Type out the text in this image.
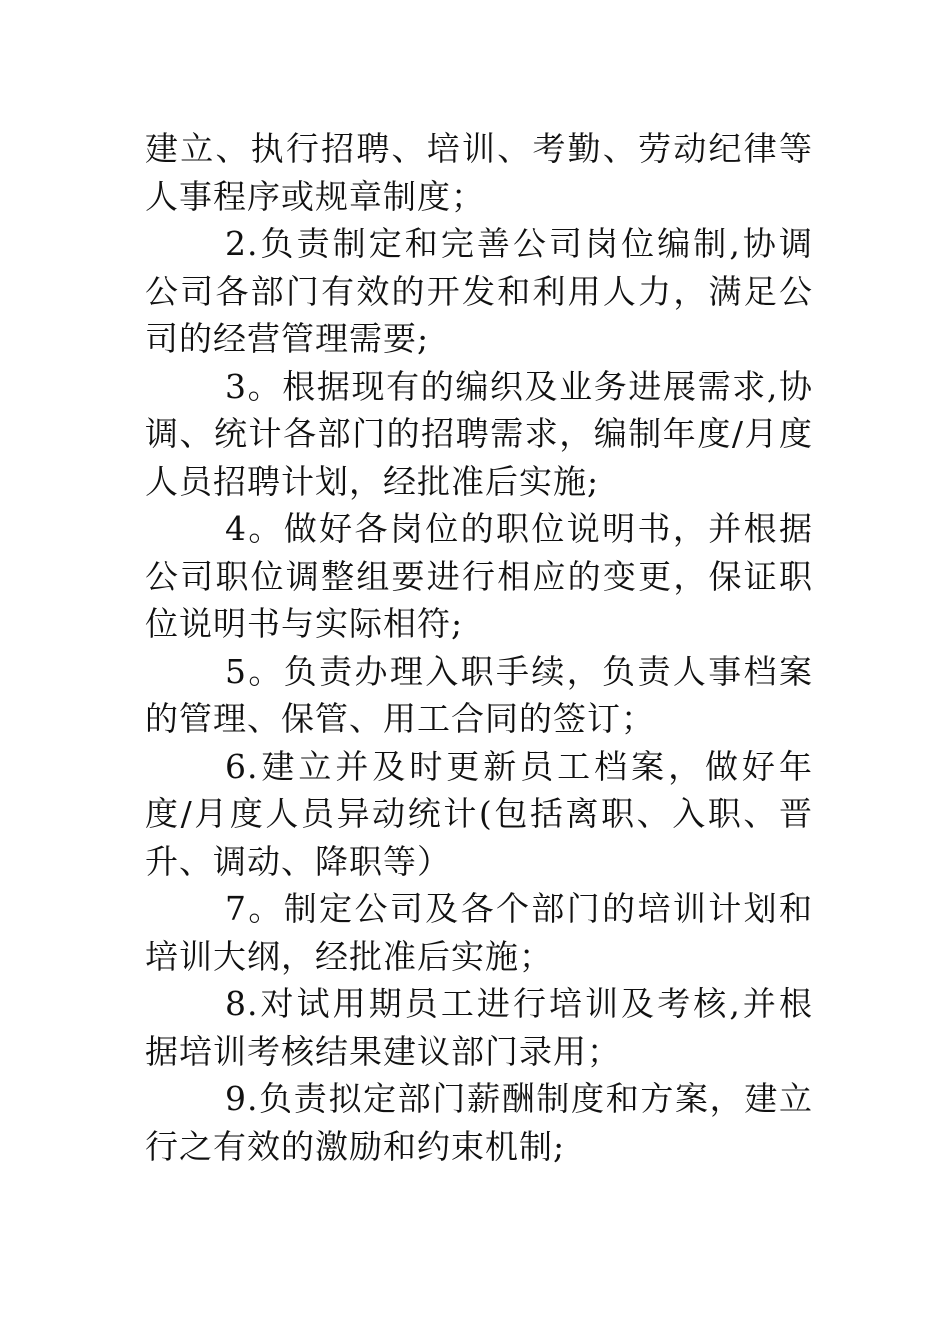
建立、执行招聘、培训、考勤、劳动纪律等人事程序或规章制度；

2.负责制定和完善公司岗位编制,协调公司各部门有效的开发和利用人力，满足公司的经营管理需要;

3。根据现有的编织及业务进展需求,协调、统计各部门的招聘需求，编制年度/月度人员招聘计划，经批准后实施;

4。做好各岗位的职位说明书，并根据公司职位调整组要进行相应的变更，保证职位说明书与实际相符;

5。负责办理入职手续，负责人事档案的管理、保管、用工合同的签订；

6.建立并及时更新员工档案，做好年度/月度人员异动统计(包括离职、入职、晋升、调动、降职等）

7。制定公司及各个部门的培训计划和培训大纲，经批准后实施；

8.对试用期员工进行培训及考核,并根据培训考核结果建议部门录用；

9.负责拟定部门薪酬制度和方案，建立行之有效的激励和约束机制;
